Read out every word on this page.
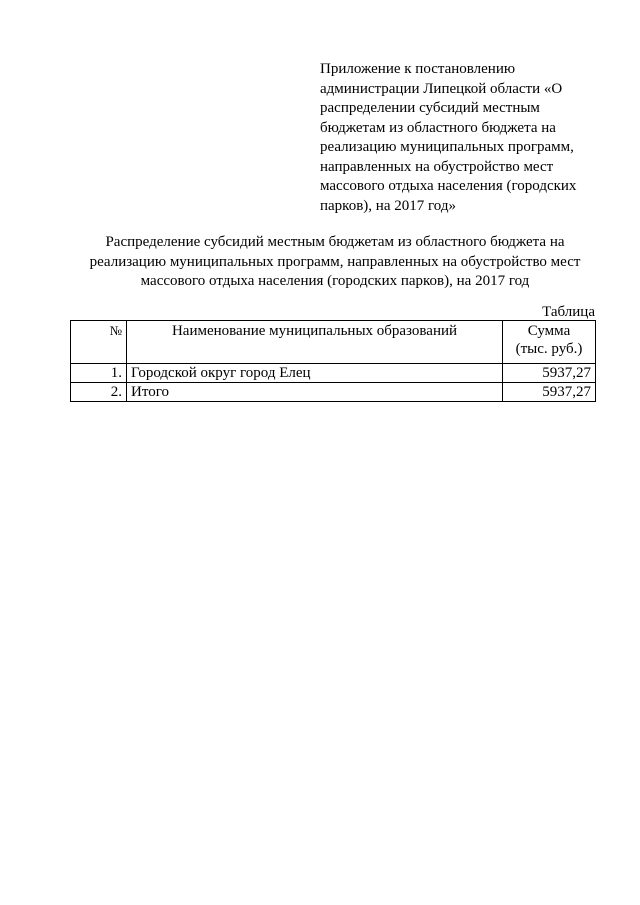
Приложение к постановлению
администрации Липецкой области «О
распределении субсидий местным
бюджетам из областного бюджета на
реализацию муниципальных программ,
направленных на обустройство мест
массового отдыха населения (городских
парков), на 2017 год»
Распределение субсидий местным бюджетам из областного бюджета на
реализацию муниципальных программ, направленных на обустройство мест
массового отдыха населения (городских парков), на 2017 год
Таблица
№	Наименование муниципальных образований	Сумма
(тыс. руб.)
1.	Городской округ город Елец	5937,27
2.	Итого	5937,27
